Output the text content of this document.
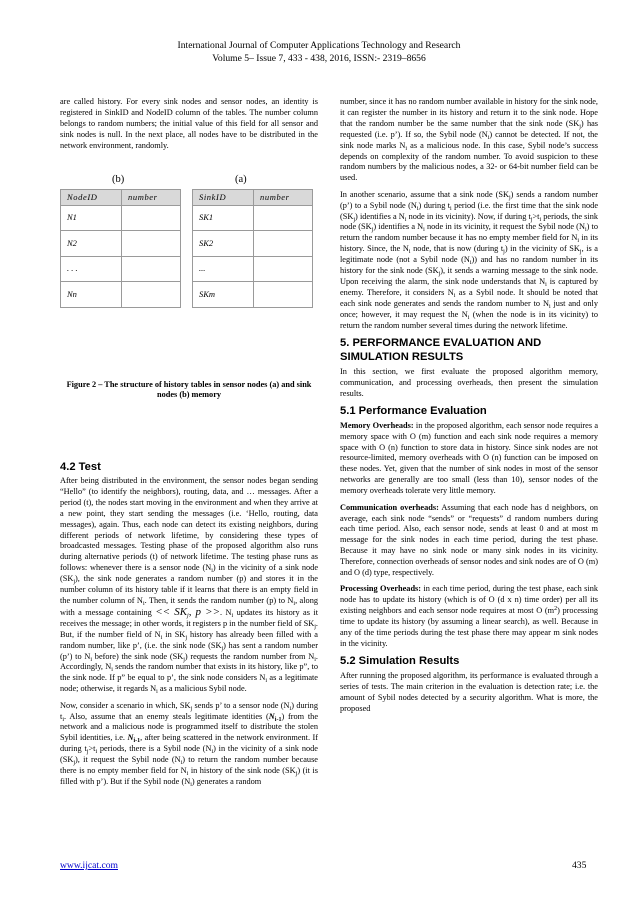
International Journal of Computer Applications Technology and Research
Volume 5– Issue 7, 433 - 438, 2016, ISSN:- 2319–8656

are called history. For every sink nodes and sensor nodes, an identity is registered in SinkID and NodeID column of the tables. The number column belongs to random numbers; the initial value of this field for all sensor and sink nodes is null. In the next place, all nodes have to be distributed in the network environment, randomly.

(b)	(a)
NodeID	number
N1	
N2	
. . .	
Nn	
SinkID	number
SK1	
SK2	
...	
SKm	
Figure 2 – The structure of history tables in sensor nodes (a) and sink nodes (b) memory
4.2 Test

After being distributed in the environment, the sensor nodes began sending “Hello” (to identify the neighbors), routing, data, and … messages. After a period (t), the nodes start moving in the environment and when they arrive at a new point, they start sending the messages (i.e. ‘Hello, routing, data messages), again. Thus, each node can detect its existing neighbors, during different periods of network lifetime, by considering these types of broadcasted messages. Testing phase of the proposed algorithm also runs during alternative periods (t) of network lifetime. The testing phase runs as follows: whenever there is a sensor node $(N_i)$ in the vicinity of a sink node $(SK_j)$, the sink node generates a random number (p) and stores it in the number column of its history table if it learns that there is an empty field in the number column of $N_i$. Then, it sends the random number (p) to $N_i$, along with a message containing << $SK_j$, p >>. $N_i$ updates its history as it receives the message; in other words, it registers p in the number field of $SK_j$. But, if the number field of $N_i$ in $SK_j$ history has already been filled with a random number, like p’, (i.e. the sink node $(SK_j)$ has sent a random number (p’) to $N_i$ before) the sink node $(SK_j)$ requests the random number from $N_i$. Accordingly, $N_i$ sends the random number that exists in its history, like p”, to the sink node. If p” be equal to p’, the sink node considers $N_i$ as a legitimate node; otherwise, it regards $N_i$ as a malicious Sybil node.

Now, consider a scenario in which, $SK_j$ sends p’ to a sensor node $(N_i)$ during $t_i$. Also, assume that an enemy steals legitimate identities $(N_{i-1})$ from the network and a malicious node is programmed itself to distribute the stolen Sybil identities, i.e. $N_{i-1}$, after being scattered in the network environment. If during $t_j>t_i$ periods, there is a Sybil node $(N_i)$ in the vicinity of a sink node $(SK_j)$, it request the Sybil node $(N_i)$ to return the random number because there is no empty member field for $N_i$ in history of the sink node $(SK_j)$ (it is filled with p’). But if the Sybil node $(N_i)$ generates a random

number, since it has no random number available in history for the sink node, it can register the number in its history and return it to the sink node. Hope that the random number be the same number that the sink node $(SK_j)$ has requested (i.e. p’). If so, the Sybil node $(N_i)$ cannot be detected. If not, the sink node marks $N_i$ as a malicious node. In this case, Sybil node’s success depends on complexity of the random number. To avoid suspicion to these random numbers by the malicious nodes, a 32- or 64-bit number field can be used.

In another scenario, assume that a sink node $(SK_j)$ sends a random number (p’) to a Sybil node $(N_i)$ during $t_i$ period (i.e. the first time that the sink node $(SK_j)$ identifies a $N_i$ node in its vicinity). Now, if during $t_j>t_i$ periods, the sink node $(SK_j)$ identifies a $N_i$ node in its vicinity, it request the Sybil node $(N_i)$ to return the random number because it has no empty member field for $N_i$ in its history. Since, the $N_i$ node, that is now (during $t_j$) in the vicinity of $SK_j$, is a legitimate node (not a Sybil node $(N_i)$) and has no random number in its history for the sink node $(SK_j)$, it sends a warning message to the sink node. Upon receiving the alarm, the sink node understands that $N_i$ is captured by enemy. Therefore, it considers $N_i$ as a Sybil node. It should be noted that each sink node generates and sends the random number to $N_i$ just and only once; however, it may request the $N_i$ (when the node is in its vicinity) to return the random number several times during the network lifetime.

5. PERFORMANCE EVALUATION AND SIMULATION RESULTS

In this section, we first evaluate the proposed algorithm memory, communication, and processing overheads, then present the simulation results.

5.1 Performance Evaluation

Memory Overheads: in the proposed algorithm, each sensor node requires a memory space with O (m) function and each sink node requires a memory space with O (n) function to store data in history. Since sink nodes are not resource-limited, memory overheads with O (n) function can be imposed on these nodes. Yet, given that the number of sink nodes in most of the sensor networks are generally are too small (less than 10), sensor nodes of the memory overheads tolerate very little memory.

Communication overheads: Assuming that each node has d neighbors, on average, each sink node “sends” or “requests” d random numbers during each time period. Also, each sensor node, sends at least 0 and at most m message for the sink nodes in each time period, during the test phase. Because it may have no sink node or many sink nodes in its vicinity. Therefore, connection overheads of sensor nodes and sink nodes are of O (m) and O (d) type, respectively.

Processing Overheads: in each time period, during the test phase, each sink node has to update its history (which is of O (d x n) time order) per all its existing neighbors and each sensor node requires at most O $(m^2)$ processing time to update its history (by assuming a linear search), as well. Because in any of the time periods during the test phase there may appear m sink nodes in the vicinity.

5.2 Simulation Results

After running the proposed algorithm, its performance is evaluated through a series of tests. The main criterion in the evaluation is detection rate; i.e. the amount of Sybil nodes detected by a security algorithm. What is more, the proposed

www.ijcat.com	435
